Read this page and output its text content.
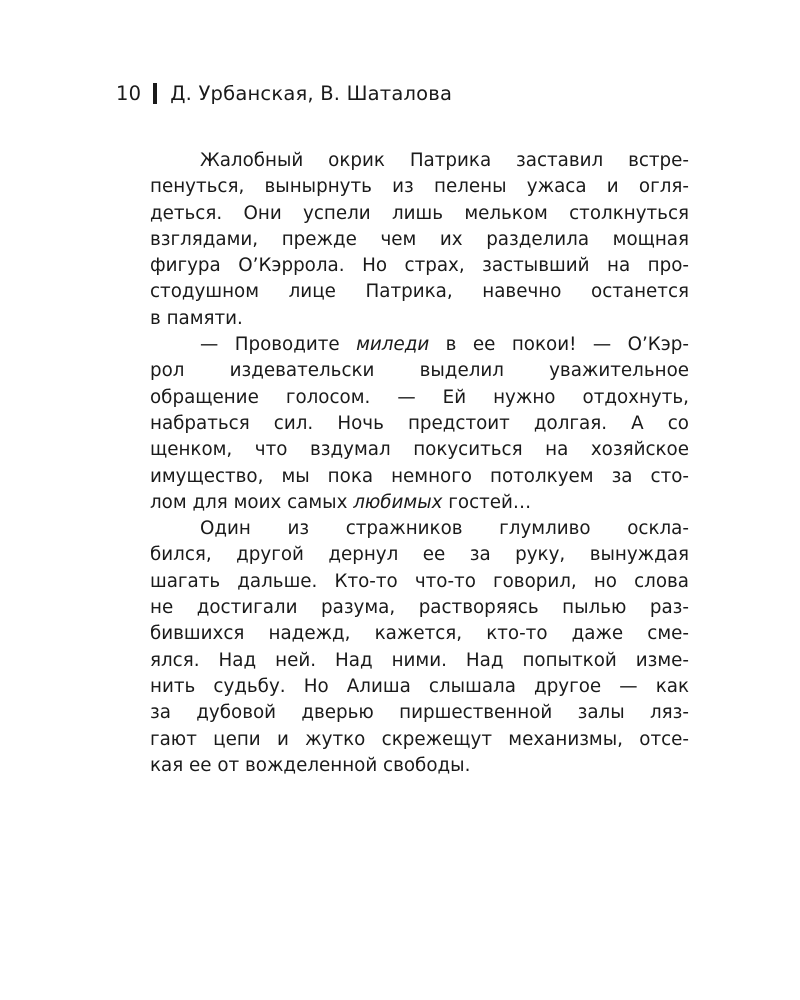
10 Д. Урбанская, В. Шаталова
Жалобный окрик Патрика заставил встре-
пенуться, вынырнуть из пелены ужаса и огля-
деться. Они успели лишь мельком столкнуться
взглядами, прежде чем их разделила мощная
фигура О’Кэррола. Но страх, застывший на про-
стодушном лице Патрика, навечно останется
в памяти.
— Проводите миледи в ее покои! — О’Кэр-
рол издевательски выделил уважительное
обращение голосом. — Ей нужно отдохнуть,
набраться сил. Ночь предстоит долгая. А со
щенком, что вздумал покуситься на хозяйское
имущество, мы пока немного потолкуем за сто-
лом для моих самых любимых гостей…
Один из стражников глумливо оскла-
бился, другой дернул ее за руку, вынуждая
шагать дальше. Кто-то что-то говорил, но слова
не достигали разума, растворяясь пылью раз-
бившихся надежд, кажется, кто-то даже сме-
ялся. Над ней. Над ними. Над попыткой изме-
нить судьбу. Но Алиша слышала другое — как
за дубовой дверью пиршественной залы ляз-
гают цепи и жутко скрежещут механизмы, отсе-
кая ее от вожделенной свободы.
